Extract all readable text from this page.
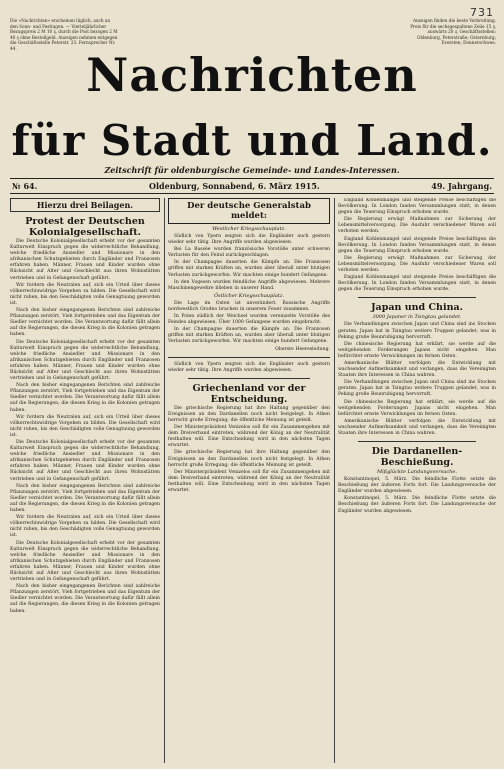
731
Die »Nachrichten« erscheinen täglich, auch an den Sonn- und Festtagen. — Vierteljährlicher Bezugspreis 2 M 10 ₰, durch die Post bezogen 2 M 40 ₰ ohne Bestellgeld. Anzeigen nehmen entgegen die Geschäftsstelle Peterstr. 23. Fernsprecher Nr. 44.
Anzeigen finden die beste Verbreitung. Preis für die sechsgespaltene Zeile 15 ₰, auswärts 20 ₰. Geschäftsstellen: Oldenburg, Peterstraße; Osternburg; Eversten; Donnerschwee.
Nachrichten
für Stadt und Land.
Zeitschrift für oldenburgische Gemeinde- und Landes-Interessen.
№ 64.	Oldenburg, Sonnabend, 6. März 1915.	49. Jahrgang.
Hierzu drei Beilagen.
Protest der Deutschen Kolonialgesellschaft.

Die Deutsche Kolonialgesellschaft erhebt vor der gesamten Kulturwelt Einspruch gegen die widerrechtliche Behandlung, welche friedliche Ansiedler und Missionare in den afrikanischen Schutzgebieten durch Engländer und Franzosen erfahren haben. Männer, Frauen und Kinder wurden ohne Rücksicht auf Alter und Geschlecht aus ihren Wohnstätten vertrieben und in Gefangenschaft geführt.

Wir fordern die Neutralen auf, sich ein Urteil über dieses völkerrechtswidrige Vorgehen zu bilden. Die Gesellschaft wird nicht ruhen, bis den Geschädigten volle Genugtuung geworden ist.

Nach den bisher eingegangenen Berichten sind zahlreiche Pflanzungen zerstört, Vieh fortgetrieben und das Eigentum der Siedler vernichtet worden. Die Verantwortung dafür fällt allein auf die Regierungen, die diesen Krieg in die Kolonien getragen haben.

Die Deutsche Kolonialgesellschaft erhebt vor der gesamten Kulturwelt Einspruch gegen die widerrechtliche Behandlung, welche friedliche Ansiedler und Missionare in den afrikanischen Schutzgebieten durch Engländer und Franzosen erfahren haben. Männer, Frauen und Kinder wurden ohne Rücksicht auf Alter und Geschlecht aus ihren Wohnstätten vertrieben und in Gefangenschaft geführt.

Nach den bisher eingegangenen Berichten sind zahlreiche Pflanzungen zerstört, Vieh fortgetrieben und das Eigentum der Siedler vernichtet worden. Die Verantwortung dafür fällt allein auf die Regierungen, die diesen Krieg in die Kolonien getragen haben.

Wir fordern die Neutralen auf, sich ein Urteil über dieses völkerrechtswidrige Vorgehen zu bilden. Die Gesellschaft wird nicht ruhen, bis den Geschädigten volle Genugtuung geworden ist.

Die Deutsche Kolonialgesellschaft erhebt vor der gesamten Kulturwelt Einspruch gegen die widerrechtliche Behandlung, welche friedliche Ansiedler und Missionare in den afrikanischen Schutzgebieten durch Engländer und Franzosen erfahren haben. Männer, Frauen und Kinder wurden ohne Rücksicht auf Alter und Geschlecht aus ihren Wohnstätten vertrieben und in Gefangenschaft geführt.

Nach den bisher eingegangenen Berichten sind zahlreiche Pflanzungen zerstört, Vieh fortgetrieben und das Eigentum der Siedler vernichtet worden. Die Verantwortung dafür fällt allein auf die Regierungen, die diesen Krieg in die Kolonien getragen haben.

Wir fordern die Neutralen auf, sich ein Urteil über dieses völkerrechtswidrige Vorgehen zu bilden. Die Gesellschaft wird nicht ruhen, bis den Geschädigten volle Genugtuung geworden ist.

Die Deutsche Kolonialgesellschaft erhebt vor der gesamten Kulturwelt Einspruch gegen die widerrechtliche Behandlung, welche friedliche Ansiedler und Missionare in den afrikanischen Schutzgebieten durch Engländer und Franzosen erfahren haben. Männer, Frauen und Kinder wurden ohne Rücksicht auf Alter und Geschlecht aus ihren Wohnstätten vertrieben und in Gefangenschaft geführt.

Nach den bisher eingegangenen Berichten sind zahlreiche Pflanzungen zerstört, Vieh fortgetrieben und das Eigentum der Siedler vernichtet worden. Die Verantwortung dafür fällt allein auf die Regierungen, die diesen Krieg in die Kolonien getragen haben.

Der deutsche Generalstab meldet:
Westlicher Kriegsschauplatz.

Südlich von Ypern zeigten sich die Engländer auch gestern wieder sehr tätig. Ihre Angriffe wurden abgewiesen.

Bei La Bassée wurden französische Vorstöße unter schweren Verlusten für den Feind zurückgeschlagen.

In der Champagne dauerten die Kämpfe an. Die Franzosen griffen mit starken Kräften an, wurden aber überall unter blutigen Verlusten zurückgeworfen. Wir machten einige hundert Gefangene.

In den Vogesen wurden feindliche Angriffe abgewiesen. Mehrere Maschinengewehre blieben in unserer Hand.

Östlicher Kriegsschauplatz.

Die Lage im Osten ist unverändert. Russische Angriffe nordwestlich Grodno brachen in unserem Feuer zusammen.

In Polen südlich der Weichsel wurden vereinzelte Vorstöße des Feindes abgewiesen. Über 1000 Gefangene wurden eingebracht.

In der Champagne dauerten die Kämpfe an. Die Franzosen griffen mit starken Kräften an, wurden aber überall unter blutigen Verlusten zurückgeworfen. Wir machten einige hundert Gefangene.

Oberste Heeresleitung.

Südlich von Ypern zeigten sich die Engländer auch gestern wieder sehr tätig. Ihre Angriffe wurden abgewiesen.

Griechenland vor der Entscheidung.

Die griechische Regierung hat ihre Haltung gegenüber den Ereignissen an den Dardanellen noch nicht festgelegt. In Athen herrscht große Erregung; die öffentliche Meinung ist geteilt.

Der Ministerpräsident Venizelos soll für ein Zusammengehen mit dem Dreiverband eintreten, während der König an der Neutralität festhalten will. Eine Entscheidung wird in den nächsten Tagen erwartet.

Die griechische Regierung hat ihre Haltung gegenüber den Ereignissen an den Dardanellen noch nicht festgelegt. In Athen herrscht große Erregung; die öffentliche Meinung ist geteilt.

Der Ministerpräsident Venizelos soll für ein Zusammengehen mit dem Dreiverband eintreten, während der König an der Neutralität festhalten will. Eine Entscheidung wird in den nächsten Tagen erwartet.

England Kohlenmangel und steigende Preise beschäftigen die Bevölkerung. In London fanden Versammlungen statt, in denen gegen die Teuerung Einspruch erhoben wurde.

Die Regierung erwägt Maßnahmen zur Sicherung der Lebensmittelversorgung. Die Ausfuhr verschiedener Waren soll verboten werden.

England Kohlenmangel und steigende Preise beschäftigen die Bevölkerung. In London fanden Versammlungen statt, in denen gegen die Teuerung Einspruch erhoben wurde.

Die Regierung erwägt Maßnahmen zur Sicherung der Lebensmittelversorgung. Die Ausfuhr verschiedener Waren soll verboten werden.

England Kohlenmangel und steigende Preise beschäftigen die Bevölkerung. In London fanden Versammlungen statt, in denen gegen die Teuerung Einspruch erhoben wurde.

Japan und China.
3000 Japaner in Tsingtau gelandet.

Die Verhandlungen zwischen Japan und China sind ins Stocken geraten. Japan hat in Tsingtau weitere Truppen gelandet, was in Peking große Beunruhigung hervorruft.

Die chinesische Regierung hat erklärt, sie werde auf die weitgehenden Forderungen Japans nicht eingehen. Man befürchtet ernste Verwicklungen im fernen Osten.

Amerikanische Blätter verfolgen die Entwicklung mit wachsender Aufmerksamkeit und verlangen, dass die Vereinigten Staaten ihre Interessen in China wahren.

Die Verhandlungen zwischen Japan und China sind ins Stocken geraten. Japan hat in Tsingtau weitere Truppen gelandet, was in Peking große Beunruhigung hervorruft.

Die chinesische Regierung hat erklärt, sie werde auf die weitgehenden Forderungen Japans nicht eingehen. Man befürchtet ernste Verwicklungen im fernen Osten.

Amerikanische Blätter verfolgen die Entwicklung mit wachsender Aufmerksamkeit und verlangen, dass die Vereinigten Staaten ihre Interessen in China wahren.

Die Dardanellen-Beschießung.
Mißglückte Landungsversuche.

Konstantinopel, 5. März. Die feindliche Flotte setzte die Beschießung der äußeren Forts fort. Die Landungsversuche der Engländer wurden abgewiesen.

Konstantinopel, 5. März. Die feindliche Flotte setzte die Beschießung der äußeren Forts fort. Die Landungsversuche der Engländer wurden abgewiesen.
